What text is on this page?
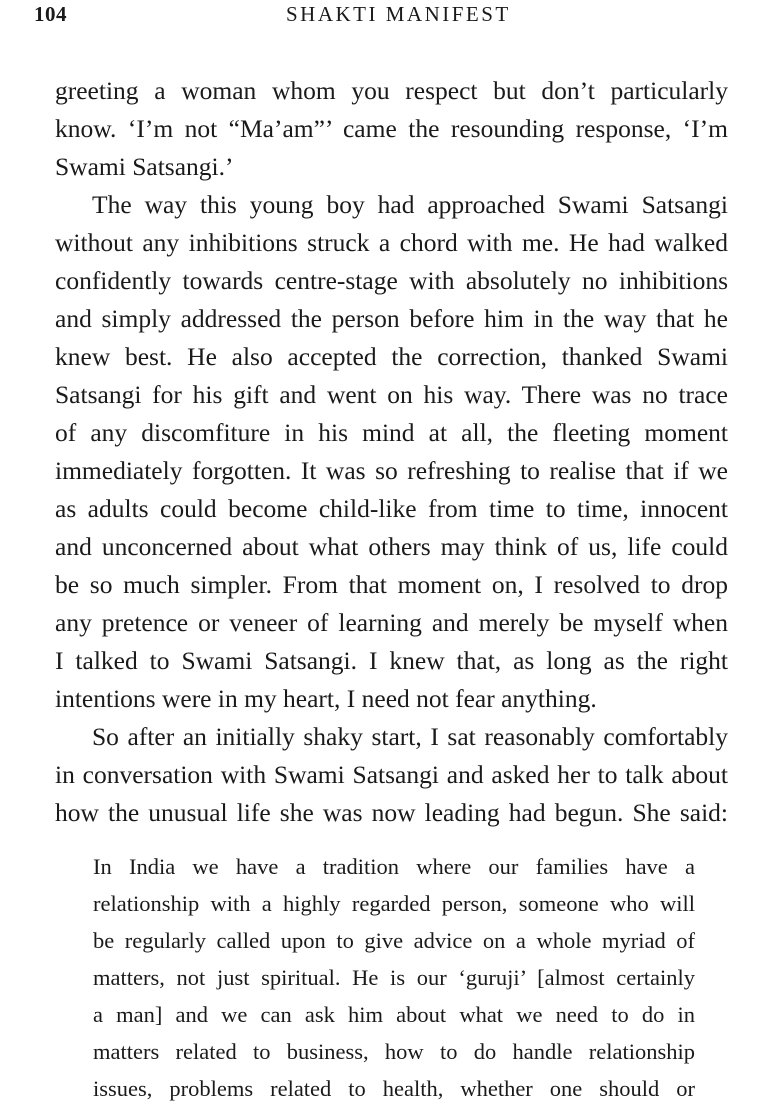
104	SHAKTI MANIFEST
greeting a woman whom you respect but don’t particularly
know. ‘I’m not “Ma’am”’ came the resounding response, ‘I’m
Swami Satsangi.’
The way this young boy had approached Swami Satsangi
without any inhibitions struck a chord with me. He had walked
confidently towards centre-stage with absolutely no inhibitions
and simply addressed the person before him in the way that he
knew best. He also accepted the correction, thanked Swami
Satsangi for his gift and went on his way. There was no trace
of any discomfiture in his mind at all, the fleeting moment
immediately forgotten. It was so refreshing to realise that if we
as adults could become child-like from time to time, innocent
and unconcerned about what others may think of us, life could
be so much simpler. From that moment on, I resolved to drop
any pretence or veneer of learning and merely be myself when
I talked to Swami Satsangi. I knew that, as long as the right
intentions were in my heart, I need not fear anything.
So after an initially shaky start, I sat reasonably comfortably
in conversation with Swami Satsangi and asked her to talk about
how the unusual life she was now leading had begun. She said:
In India we have a tradition where our families have a
relationship with a highly regarded person, someone who will
be regularly called upon to give advice on a whole myriad of
matters, not just spiritual. He is our ‘guruji’ [almost certainly
a man] and we can ask him about what we need to do in
matters related to business, how to do handle relationship
issues, problems related to health, whether one should or
